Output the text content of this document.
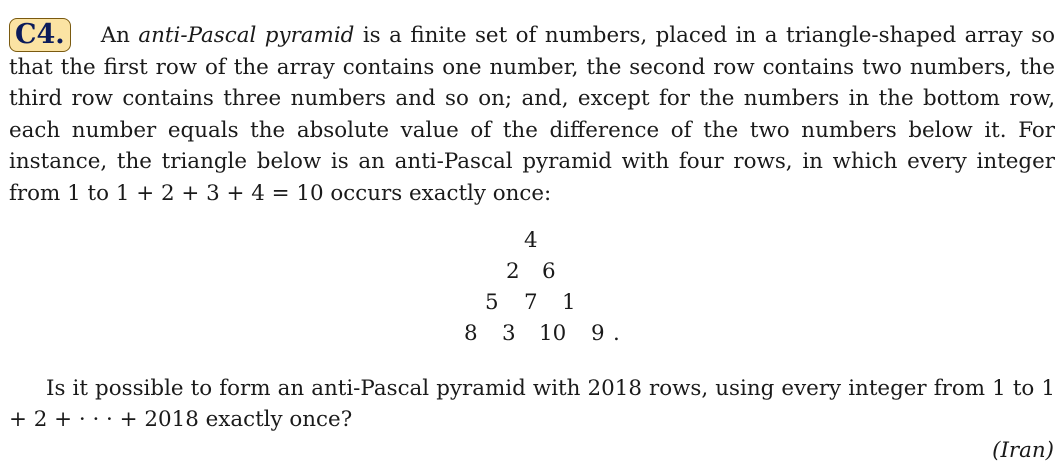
C4. An anti-Pascal pyramid is a finite set of numbers, placed in a triangle-shaped array so that the first row of the array contains one number, the second row contains two numbers, the third row contains three numbers and so on; and, except for the numbers in the bottom row, each number equals the absolute value of the difference of the two numbers below it. For instance, the triangle below is an anti-Pascal pyramid with four rows, in which every integer from 1 to 1 + 2 + 3 + 4 = 10 occurs exactly once:

4
2 6
5 7 1
8 3 10 9 .

Is it possible to form an anti-Pascal pyramid with 2018 rows, using every integer from 1 to 1 + 2 + · · · + 2018 exactly once?

(Iran)
